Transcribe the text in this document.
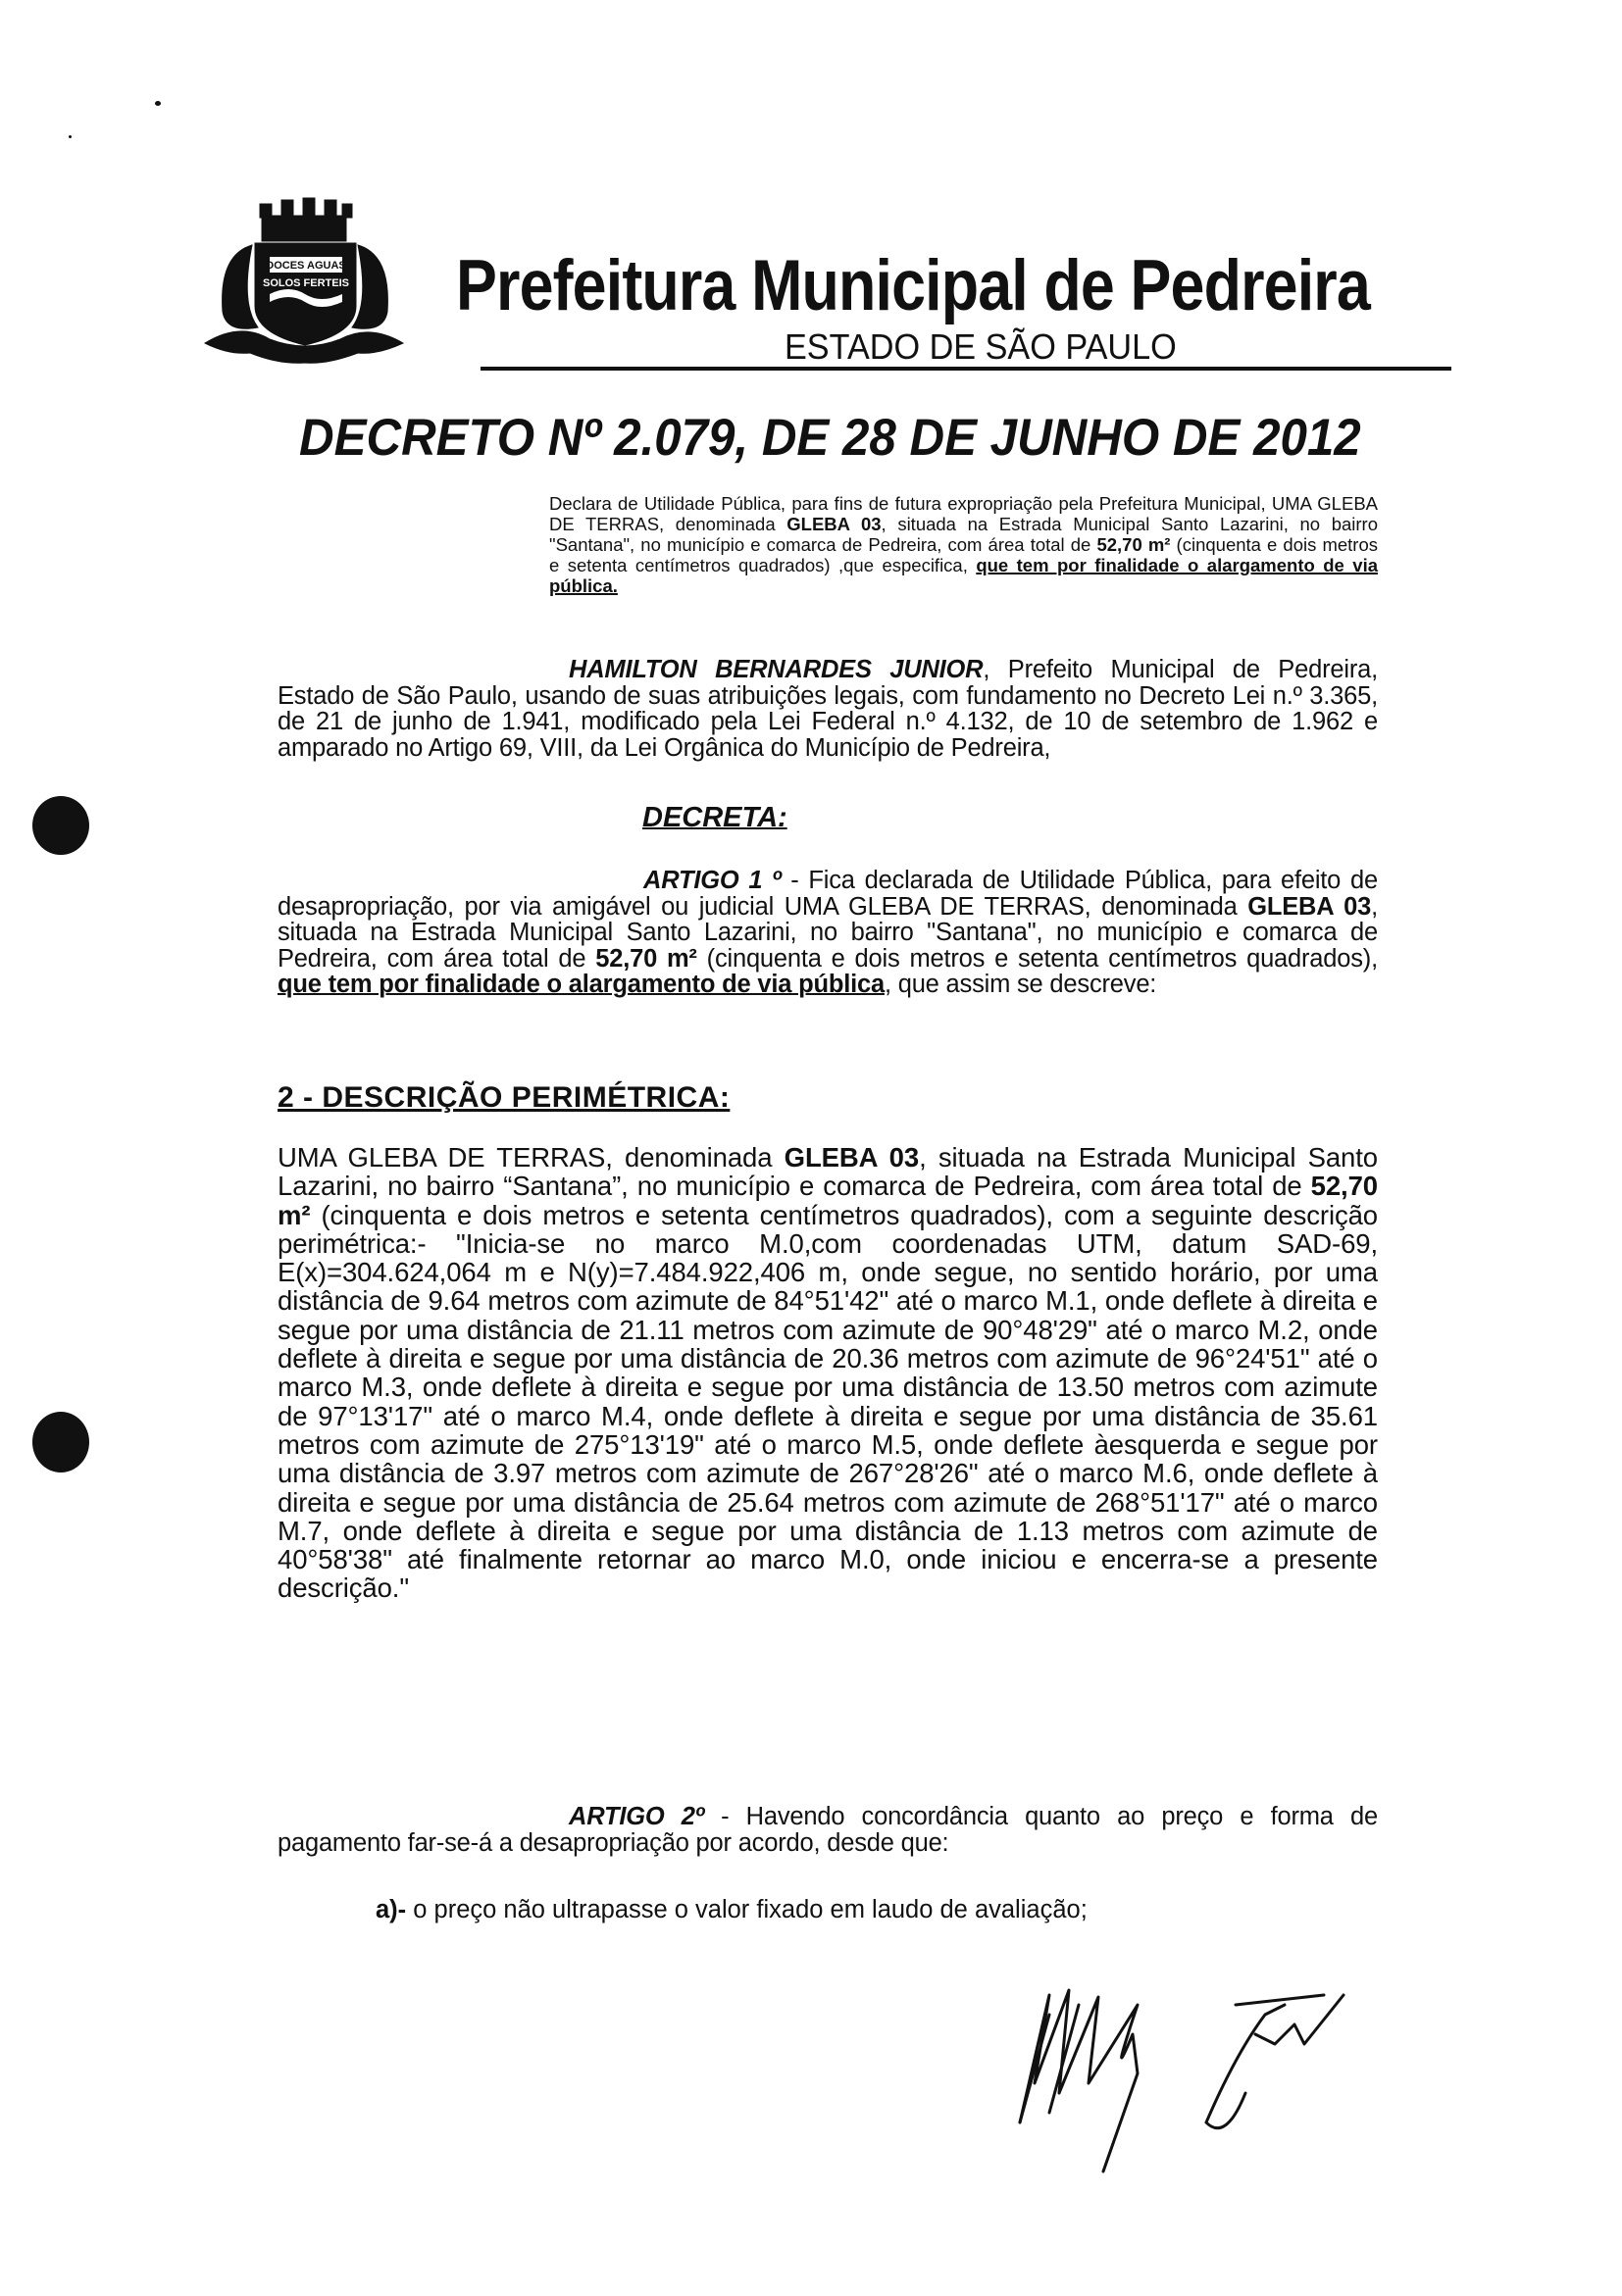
DOCES AGUAS
SOLOS FERTEIS Prefeitura Municipal de Pedreira
ESTADO DE SÃO PAULO
DECRETO Nº 2.079, DE 28 DE JUNHO DE 2012
Declara de Utilidade Pública, para fins de futura expropriação pela Prefeitura Municipal, UMA GLEBA DE TERRAS, denominada GLEBA 03, situada na Estrada Municipal Santo Lazarini, no bairro "Santana", no município e comarca de Pedreira, com área total de 52,70 m² (cinquenta e dois metros e setenta centímetros quadrados) ,que especifica, que tem por finalidade o alargamento de via pública.
HAMILTON BERNARDES JUNIOR, Prefeito Municipal de Pedreira, Estado de São Paulo, usando de suas atribuições legais, com fundamento no Decreto Lei n.º 3.365, de 21 de junho de 1.941, modificado pela Lei Federal n.º 4.132, de 10 de setembro de 1.962 e amparado no Artigo 69, VIII, da Lei Orgânica do Município de Pedreira,
DECRETA:
ARTIGO 1 º - Fica declarada de Utilidade Pública, para efeito de desapropriação, por via amigável ou judicial UMA GLEBA DE TERRAS, denominada GLEBA 03, situada na Estrada Municipal Santo Lazarini, no bairro "Santana", no município e comarca de Pedreira, com área total de 52,70 m² (cinquenta e dois metros e setenta centímetros quadrados), que tem por finalidade o alargamento de via pública, que assim se descreve:
2 - DESCRIÇÃO PERIMÉTRICA:
UMA GLEBA DE TERRAS, denominada GLEBA 03, situada na Estrada Municipal Santo Lazarini, no bairro “Santana”, no município e comarca de Pedreira, com área total de 52,70 m² (cinquenta e dois metros e setenta centímetros quadrados), com a seguinte descrição perimétrica:- "Inicia-se no marco M.0,com coordenadas UTM, datum SAD-69, E(x)=304.624,064 m e N(y)=7.484.922,406 m, onde segue, no sentido horário, por uma distância de 9.64 metros com azimute de 84°51'42" até o marco M.1, onde deflete à direita e segue por uma distância de 21.11 metros com azimute de 90°48'29" até o marco M.2, onde deflete à direita e segue por uma distância de 20.36 metros com azimute de 96°24'51" até o marco M.3, onde deflete à direita e segue por uma distância de 13.50 metros com azimute de 97°13'17" até o marco M.4, onde deflete à direita e segue por uma distância de 35.61 metros com azimute de 275°13'19" até o marco M.5, onde deflete àesquerda e segue por uma distância de 3.97 metros com azimute de 267°28'26" até o marco M.6, onde deflete à direita e segue por uma distância de 25.64 metros com azimute de 268°51'17" até o marco M.7, onde deflete à direita e segue por uma distância de 1.13 metros com azimute de 40°58'38" até finalmente retornar ao marco M.0, onde iniciou e encerra-se a presente descrição."
ARTIGO 2º - Havendo concordância quanto ao preço e forma de pagamento far-se-á a desapropriação por acordo, desde que:
a)- o preço não ultrapasse o valor fixado em laudo de avaliação;
